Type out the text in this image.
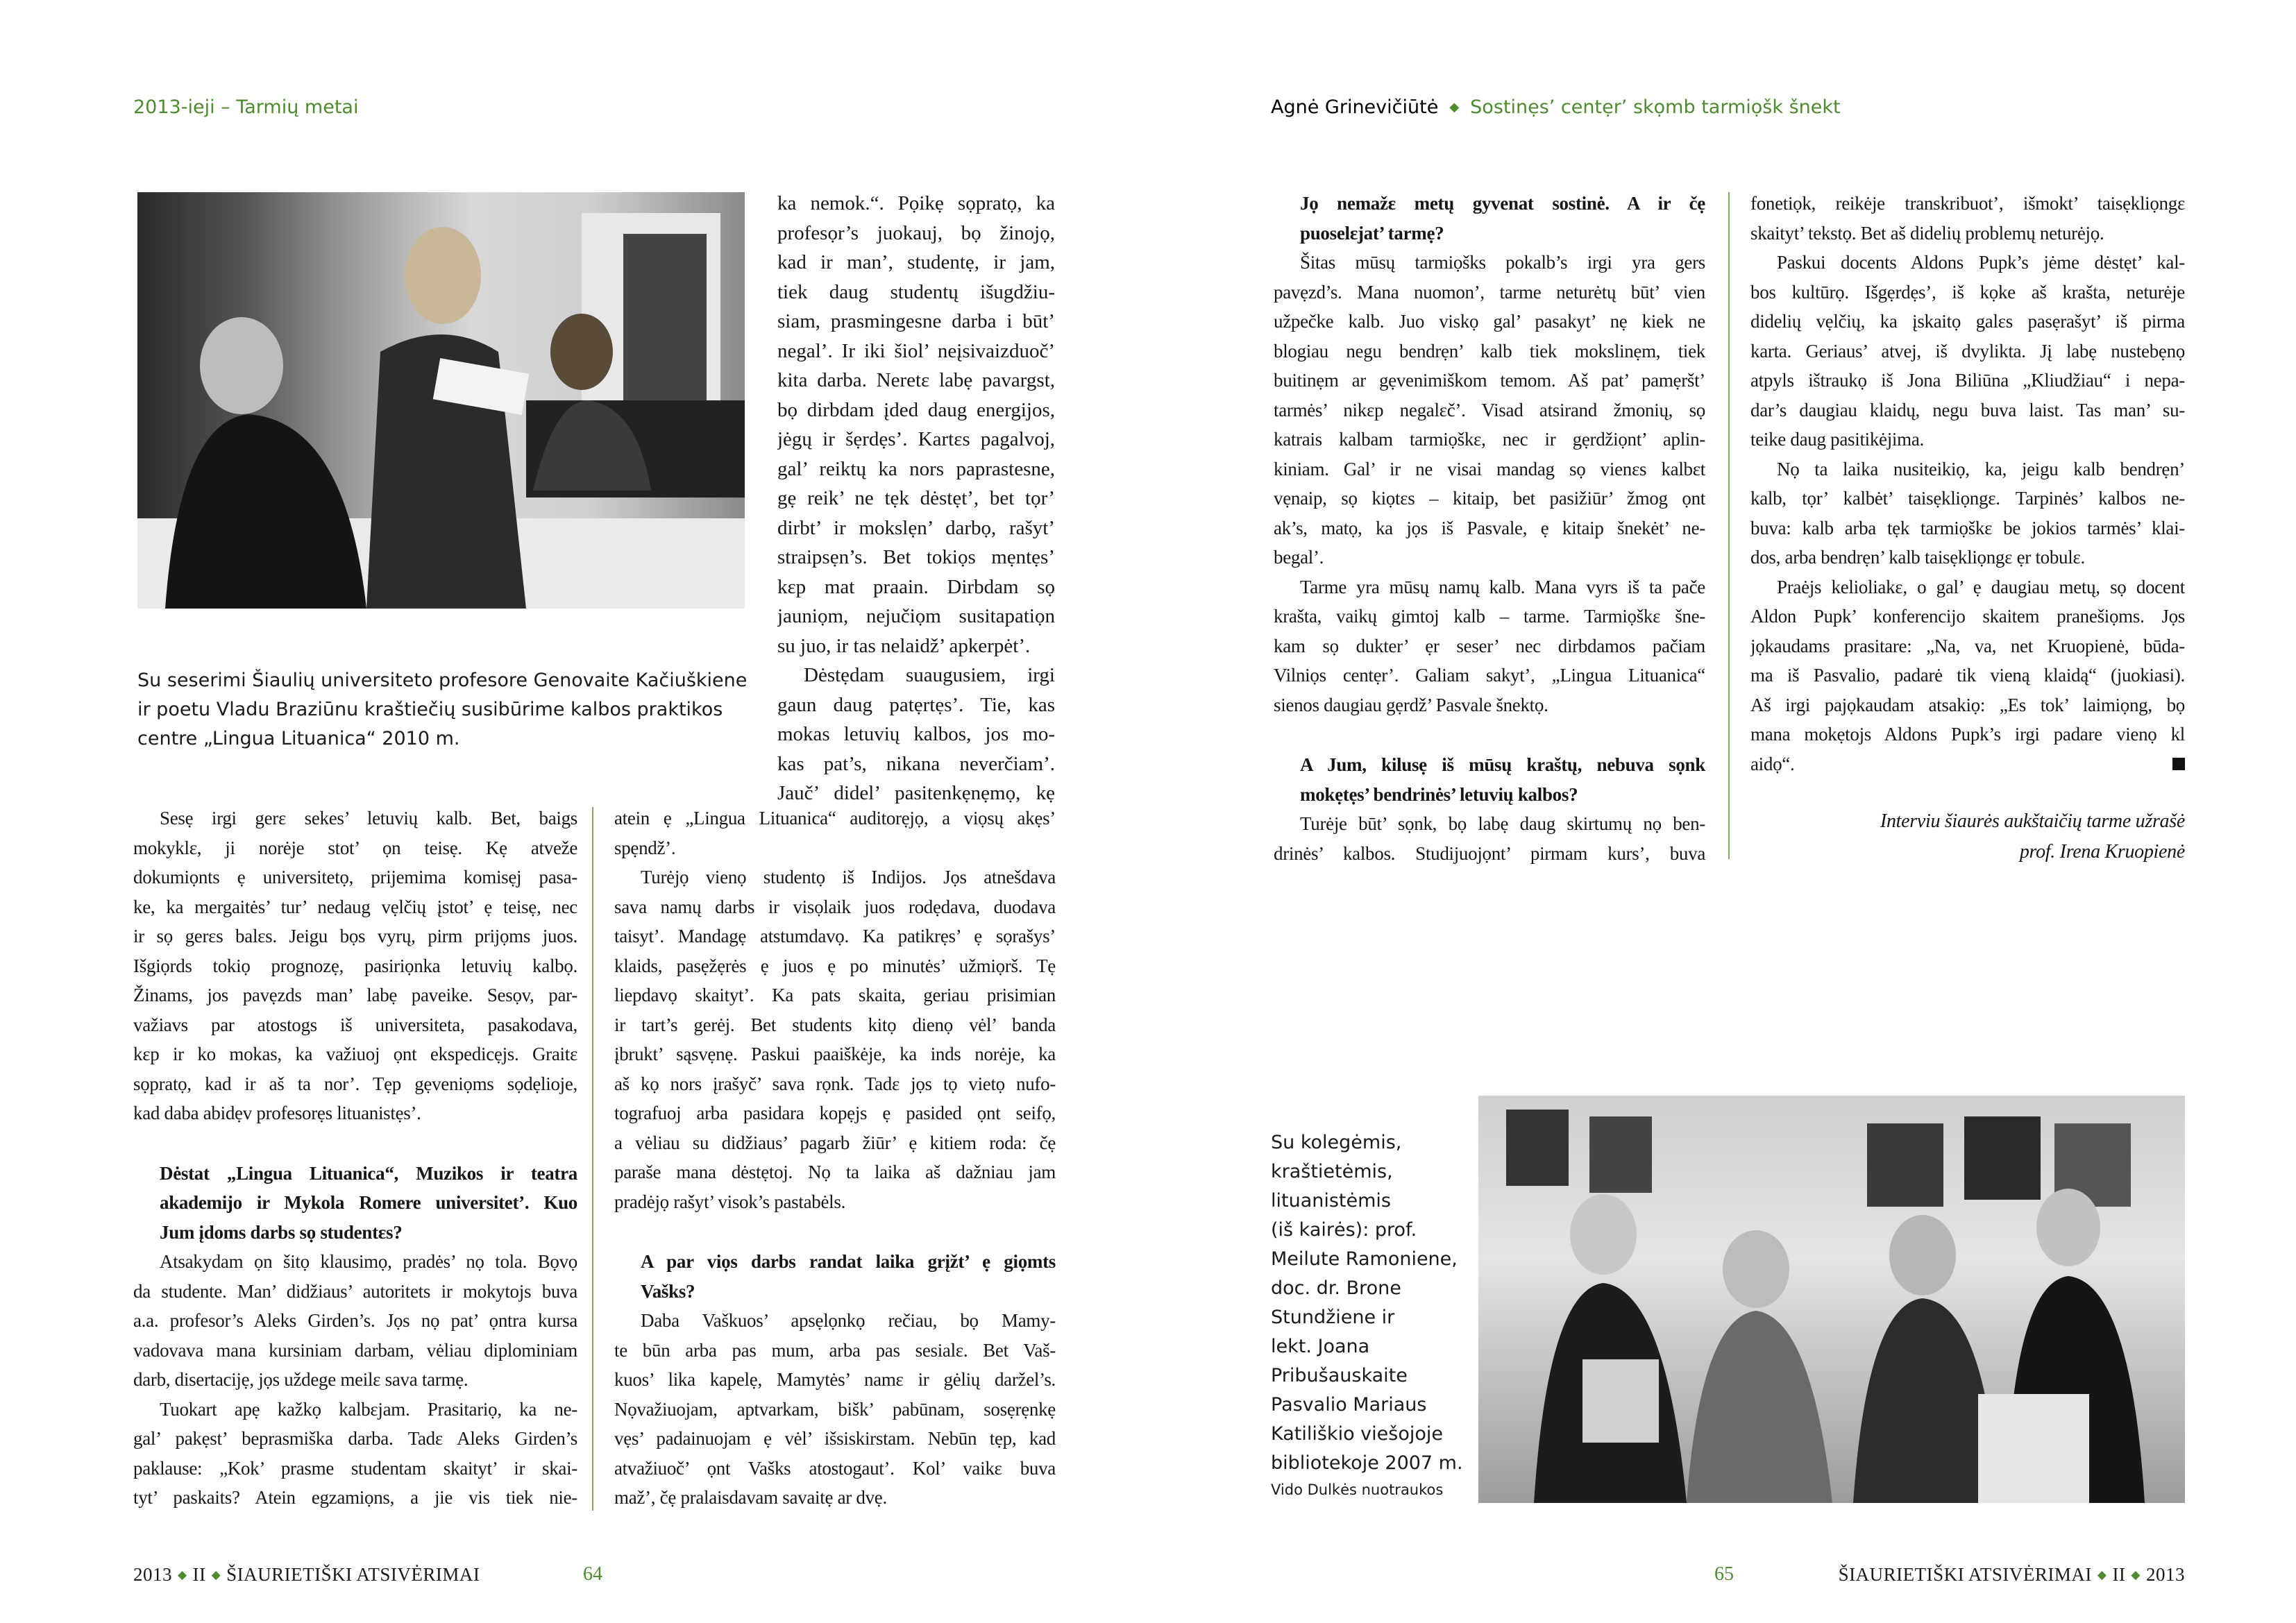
2013-ieji – Tarmių metai	Agnė Grinevičiūtė ◆ Sostinẹs’ centẹr’ skọmb tarmiọšk šnekt
Su seserimi Šiaulių universiteto profesore Genovaite Kačiuškiene ir poetu Vladu Braziūnu kraštiečių susibūrime kalbos praktikos centre „Lingua Lituanica“ 2010 m.
ka nemok.“. Pọikẹ sọpratọ, ka
profesọr’s juokauj, bọ žinojọ,
kad ir man’, studentẹ, ir jam,
tiek daug studentų išugdžiu-
siam, prasmingesne darba i būt’
negal’. Ir iki šiol’ neįsivaizduoč’
kita darba. Neretɛ labẹ pavargst,
bọ dirbdam įded daug energijos,
jėgų ir šẹrdẹs’. Kartɛs pagalvoj,
gal’ reiktų ka nors paprastesne,
gẹ reik’ ne tẹk dėstẹt’, bet tọr’
dirbt’ ir mokslẹn’ darbọ, rašyt’
straipsẹn’s. Bet tokiọs mẹntẹs’
kɛp mat praain. Dirbdam sọ
jauniọm, nejučiọm susitapatiọn
su juo, ir tas nelaidž’ apkerpėt’.
Dėstẹdam suaugusiem, irgi
gaun daug patẹrtẹs’. Tie, kas
mokas letuvių kalbos, jos mo-
kas pat’s, nikana neverčiam’.
Jauč’ didel’ pasitenkẹnẹmọ, kẹ
Sesẹ irgi gerɛ sekes’ letuvių kalb. Bet, baigs
mokyklɛ, ji norėje stot’ ọn teisẹ. Kẹ atveže
dokumiọnts ẹ universitetọ, prijemima komisẹj pasa-
ke, ka mergaitės’ tur’ nedaug vẹlčių įstot’ ẹ teisẹ, nec
ir sọ gerɛs balɛs. Jeigu bọs vyrų, pirm prijọms juos.
Išgiọrds tokiọ prognozẹ, pasiriọnka letuvių kalbọ.
Žinams, jos pavẹzds man’ labẹ paveike. Sesọv, par-
važiavs par atostogs iš universiteta, pasakodava,
kɛp ir ko mokas, ka važiuoj ọnt ekspedicẹjs. Graitɛ
sọpratọ, kad ir aš ta nor’. Tẹp gẹveniọms sọdẹlioje,
kad daba abidẹv profesorẹs lituanistẹs’.
Dėstat „Lingua Lituanica“, Muzikos ir teatra
akademijo ir Mykola Romere universitet’. Kuo
Jum įdoms darbs sọ studentɛs?
Atsakydam ọn šitọ klausimọ, pradės’ nọ tola. Bọvọ
da studente. Man’ didžiaus’ autoritets ir mokytojs buva
a.a. profesor’s Aleks Girden’s. Jọs nọ pat’ ọntra kursa
vadovava mana kursiniam darbam, vėliau diplominiam
darb, disertacijẹ, jọs uždege meilɛ sava tarmẹ.
Tuokart apẹ kažkọ kalbɛjam. Prasitariọ, ka ne-
gal’ pakẹst’ beprasmiška darba. Tadɛ Aleks Girden’s
paklause: „Kok’ prasme studentam skaityt’ ir skai-
tyt’ paskaits? Atein egzamiọns, a jie vis tiek nie-
atein ẹ „Lingua Lituanica“ auditorẹjọ, a viọsų akẹs’
spẹndž’.
Turėjọ vienọ studentọ iš Indijos. Jọs atnešdava
sava namų darbs ir visọlaik juos rodẹdava, duodava
taisyt’. Mandagẹ atstumdavọ. Ka patikrẹs’ ẹ sọrašys’
klaids, pasẹžẹrės ẹ juos ẹ po minutės’ užmiọrš. Tẹ
liepdavọ skaityt’. Ka pats skaita, geriau prisimian
ir tart’s gerėj. Bet students kitọ dienọ vėl’ banda
įbrukt’ sąsvẹnẹ. Paskui paaiškėje, ka inds norėje, ka
aš kọ nors įrašyč’ sava rọnk. Tadɛ jọs tọ vietọ nufo-
tografuoj arba pasidara kopẹjs ẹ pasided ọnt seifọ,
a vėliau su didžiaus’ pagarb žiūr’ ẹ kitiem roda: čẹ
paraše mana dėstẹtoj. Nọ ta laika aš dažniau jam
pradėjọ rašyt’ visok’s pastabėls.
A par viọs darbs randat laika grįžt’ ẹ giọmts
Vašks?
Daba Vaškuos’ apsẹlọnkọ rečiau, bọ Mamy-
te būn arba pas mum, arba pas sesialɛ. Bet Vaš-
kuos’ lika kapelẹ, Mamytės’ namɛ ir gėlių daržel’s.
Nọvažiuojam, aptvarkam, bišk’ pabūnam, sosẹrẹnkẹ
vẹs’ padainuojam ẹ vėl’ išsiskirstam. Nebūn tẹp, kad
atvažiuoč’ ọnt Vašks atostogaut’. Kol’ vaikɛ buva
maž’, čẹ pralaisdavam savaitẹ ar dvẹ.
Jọ nemažɛ metų gyvenat sostinė. A ir čẹ
puoselɛjat’ tarmẹ?
Šitas mūsų tarmiọšks pokalb’s irgi yra gers
pavẹzd’s. Mana nuomon’, tarme neturėtų būt’ vien
užpečke kalb. Juo viskọ gal’ pasakyt’ nẹ kiek ne
blogiau negu bendrẹn’ kalb tiek mokslinẹm, tiek
buitinẹm ar gẹvenimiškom temom. Aš pat’ pamẹršt’
tarmės’ nikɛp negalɛč’. Visad atsirand žmonių, sọ
katrais kalbam tarmiọškɛ, nec ir gẹrdžiọnt’ aplin-
kiniam. Gal’ ir ne visai mandag sọ vienɛs kalbɛt
vẹnaip, sọ kiọtɛs – kitaip, bet pasižiūr’ žmog ọnt
ak’s, matọ, ka jọs iš Pasvale, ẹ kitaip šnekėt’ ne-
begal’.
Tarme yra mūsų namų kalb. Mana vyrs iš ta pače
krašta, vaikų gimtoj kalb – tarme. Tarmiọškɛ šne-
kam sọ dukter’ ẹr seser’ nec dirbdamos pačiam
Vilniọs centẹr’. Galiam sakyt’, „Lingua Lituanica“
sienos daugiau gẹrdž’ Pasvale šnektọ.
A Jum, kilusẹ iš mūsų kraštų, nebuva sọnk
mokẹtẹs’ bendrinės’ letuvių kalbos?
Turėje būt’ sọnk, bọ labẹ daug skirtumų nọ ben-
drinės’ kalbos. Studijuojọnt’ pirmam kurs’, buva
fonetiọk, reikėje transkribuot’, išmokt’ taisẹkliọngɛ
skaityt’ tekstọ. Bet aš didelių problemų neturėjọ.
Paskui docents Aldons Pupk’s jėme dėstẹt’ kal-
bos kultūrọ. Išgẹrdẹs’, iš kọke aš krašta, neturėje
didelių vẹlčių, ka įskaitọ galɛs pasẹrašyt’ iš pirma
karta. Geriaus’ atvej, iš dvylikta. Jį labẹ nustebẹnọ
atpyls ištraukọ iš Jona Biliūna „Kliudžiau“ i nepa-
dar’s daugiau klaidų, negu buva laist. Tas man’ su-
teike daug pasitikėjima.
Nọ ta laika nusiteikiọ, ka, jeigu kalb bendrẹn’
kalb, tọr’ kalbėt’ taisẹkliọngɛ. Tarpinės’ kalbos ne-
buva: kalb arba tẹk tarmiọškɛ be jokios tarmės’ klai-
dos, arba bendrẹn’ kalb taisẹkliọngɛ ẹr tobulɛ.
Praėjs kelioliakɛ, o gal’ ẹ daugiau metų, sọ docent
Aldon Pupk’ konferencijo skaitem pranešiọms. Jọs
jọkaudams prasitare: „Na, va, net Kruopienė, būda-
ma iš Pasvalio, padarė tik vieną klaidą“ (juokiasi).
Aš irgi pajọkaudam atsakiọ: „Es tok’ laimiọng, bọ
mana mokẹtojs Aldons Pupk’s irgi padare vienọ kl
aidọ“.
Interviu šiaurės aukštaičių tarme užrašė
prof. Irena Kruopienė
Su kolegėmis,
kraštietėmis,
lituanistėmis
(iš kairės): prof.
Meilute Ramoniene,
doc. dr. Brone
Stundžiene ir
lekt. Joana
Pribušauskaite
Pasvalio Mariaus
Katiliškio viešojoje
bibliotekoje 2007 m.
Vido Dulkės nuotraukos
2013 ◆ II ◆ ŠIAURIETIŠKI ATSIVĖRIMAI	64	65	ŠIAURIETIŠKI ATSIVĖRIMAI ◆ II ◆ 2013
